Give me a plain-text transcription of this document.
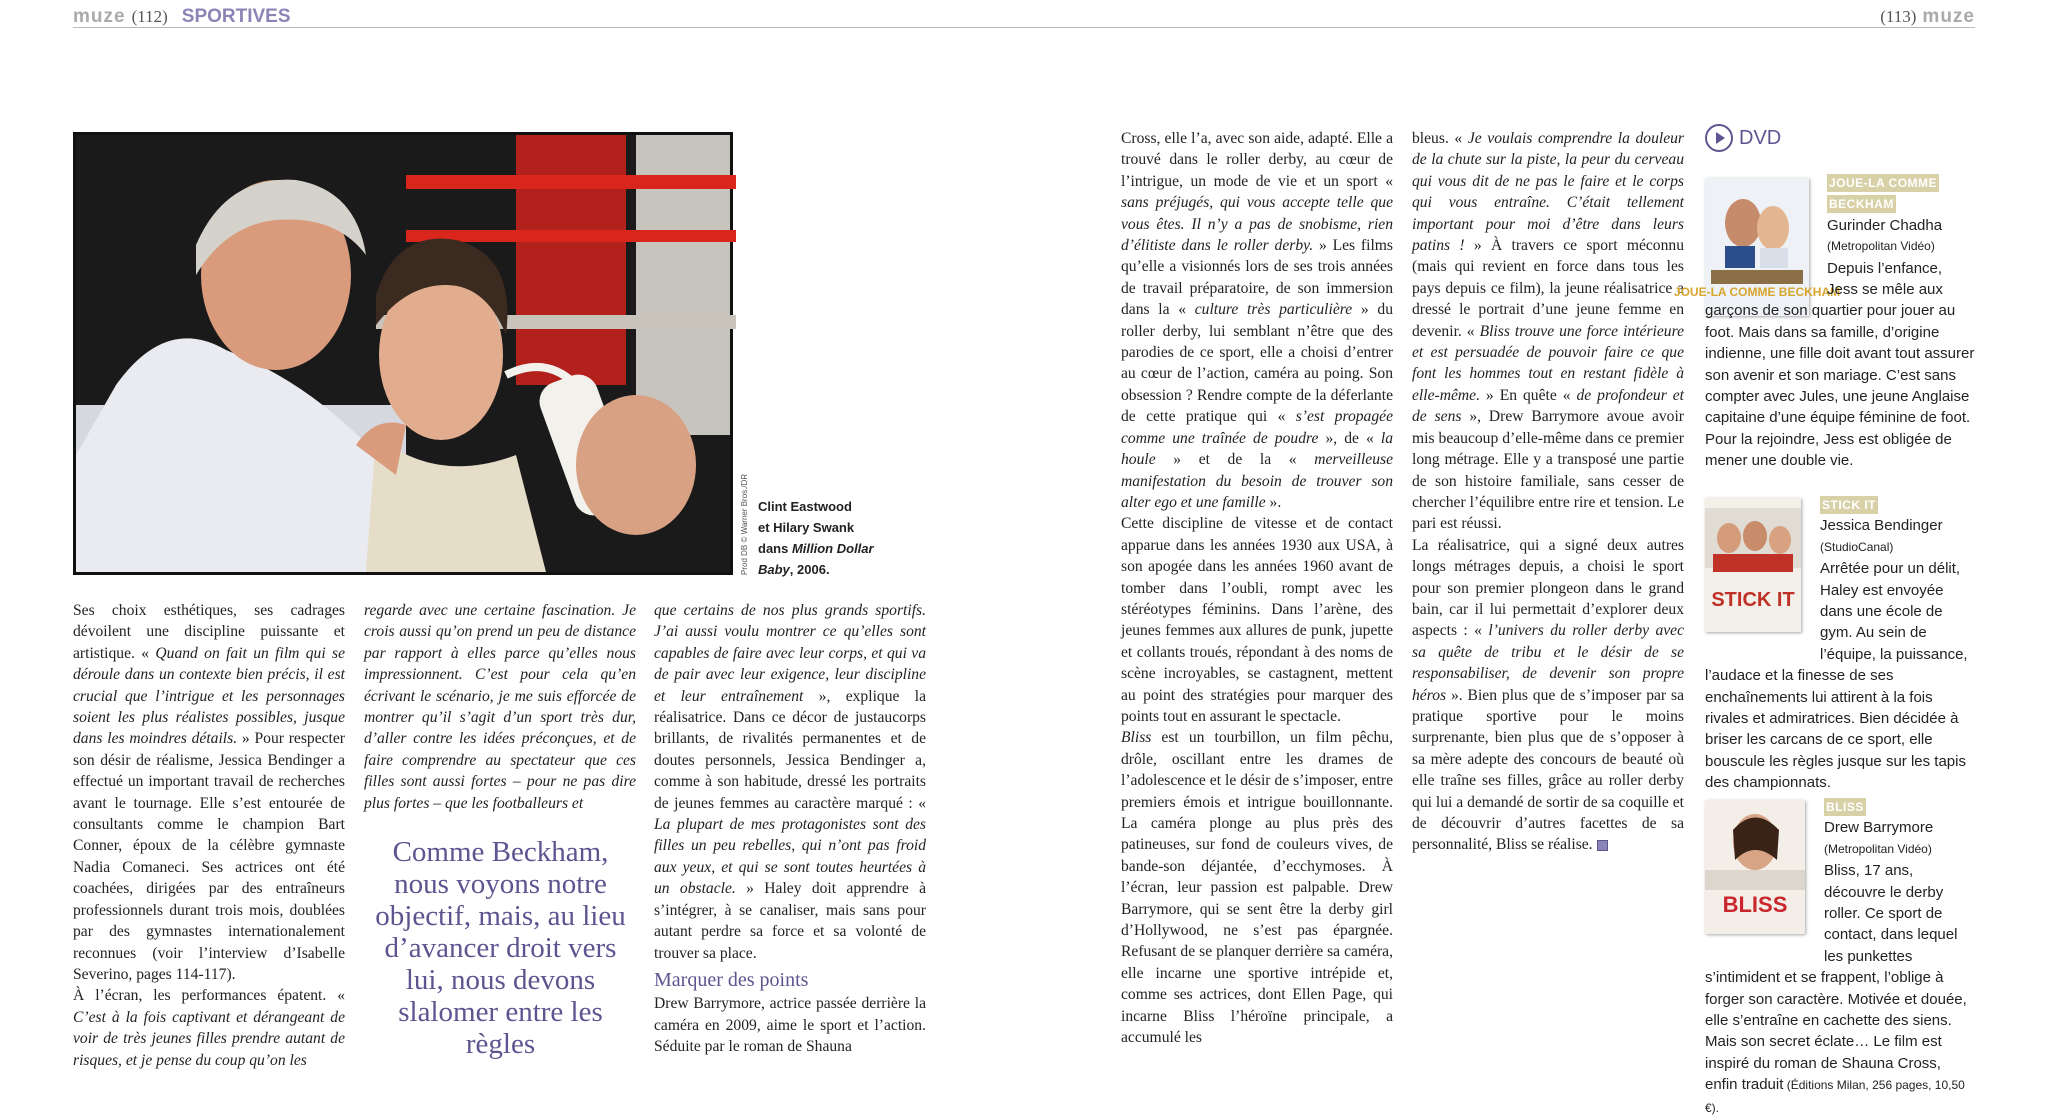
muze (112) SPORTIVES	(113) muze
Prod DB © Warner Bros./DR Clint Eastwood
et Hilary Swank
dans Million Dollar
Baby, 2006.

Ses choix esthétiques, ses cadrages dévoilent une discipline puissante et artistique. « Quand on fait un film qui se déroule dans un contexte bien précis, il est crucial que l’intrigue et les personnages soient les plus réalistes possibles, jusque dans les moindres détails. » Pour respecter son désir de réalisme, Jessica Bendinger a effectué un important travail de recherches avant le tournage. Elle s’est entourée de consultants comme le champion Bart Conner, époux de la célèbre gymnaste Nadia Comaneci. Ses actrices ont été coachées, dirigées par des entraîneurs professionnels durant trois mois, doublées par des gymnastes internationalement reconnues (voir l’interview d’Isabelle Severino, pages 114-117).

À l’écran, les performances épatent. « C’est à la fois captivant et dérangeant de voir de très jeunes filles prendre autant de risques, et je pense du coup qu’on les

regarde avec une certaine fascination. Je crois aussi qu’on prend un peu de distance par rapport à elles parce qu’elles nous impressionnent. C’est pour cela qu’en écrivant le scénario, je me suis efforcée de montrer qu’il s’agit d’un sport très dur, d’aller contre les idées préconçues, et de faire comprendre au spectateur que ces filles sont aussi fortes – pour ne pas dire plus fortes – que les footballeurs et

Comme Beckham, nous voyons notre objectif, mais, au lieu d’avancer droit vers lui, nous devons slalomer entre les règles

que certains de nos plus grands sportifs. J’ai aussi voulu montrer ce qu’elles sont capables de faire avec leur corps, et qui va de pair avec leur exigence, leur discipline et leur entraînement », explique la réalisatrice. Dans ce décor de justaucorps brillants, de rivalités permanentes et de doutes personnels, Jessica Bendinger a, comme à son habitude, dressé les portraits de jeunes femmes au caractère marqué : « La plupart de mes protagonistes sont des filles un peu rebelles, qui n’ont pas froid aux yeux, et qui se sont toutes heurtées à un obstacle. » Haley doit apprendre à s’intégrer, à se canaliser, mais sans pour autant perdre sa force et sa volonté de trouver sa place.

Marquer des points

Drew Barrymore, actrice passée derrière la caméra en 2009, aime le sport et l’action. Séduite par le roman de Shauna

Cross, elle l’a, avec son aide, adapté. Elle a trouvé dans le roller derby, au cœur de l’intrigue, un mode de vie et un sport « sans préjugés, qui vous accepte telle que vous êtes. Il n’y a pas de snobisme, rien d’élitiste dans le roller derby. » Les films qu’elle a visionnés lors de ses trois années de travail préparatoire, de son immersion dans la « culture très particulière » du roller derby, lui semblant n’être que des parodies de ce sport, elle a choisi d’entrer au cœur de l’action, caméra au poing. Son obsession ? Rendre compte de la déferlante de cette pratique qui « s’est propagée comme une traînée de poudre », de « la houle » et de la « merveilleuse manifestation du besoin de trouver son alter ego et une famille ».

Cette discipline de vitesse et de contact apparue dans les années 1930 aux USA, à son apogée dans les années 1960 avant de tomber dans l’oubli, rompt avec les stéréotypes féminins. Dans l’arène, des jeunes femmes aux allures de punk, jupette et collants troués, répondant à des noms de scène incroyables, se castagnent, mettent au point des stratégies pour marquer des points tout en assurant le spectacle.

Bliss est un tourbillon, un film pêchu, drôle, oscillant entre les drames de l’adolescence et le désir de s’imposer, entre premiers émois et intrigue bouillonnante. La caméra plonge au plus près des patineuses, sur fond de couleurs vives, de bande-son déjantée, d’ecchymoses. À l’écran, leur passion est palpable. Drew Barrymore, qui se sent être la derby girl d’Hollywood, ne s’est pas épargnée. Refusant de se planquer derrière sa caméra, elle incarne une sportive intrépide et, comme ses actrices, dont Ellen Page, qui incarne Bliss l’héroïne principale, a accumulé les

bleus. « Je voulais comprendre la douleur de la chute sur la piste, la peur du cerveau qui vous dit de ne pas le faire et le corps qui vous entraîne. C’était tellement important pour moi d’être dans leurs patins ! » À travers ce sport méconnu (mais qui revient en force dans tous les pays depuis ce film), la jeune réalisatrice a dressé le portrait d’une jeune femme en devenir. « Bliss trouve une force intérieure et est persuadée de pouvoir faire ce que font les hommes tout en restant fidèle à elle-même. » En quête « de profondeur et de sens », Drew Barrymore avoue avoir mis beaucoup d’elle-même dans ce premier long métrage. Elle y a transposé une partie de son histoire familiale, sans cesser de chercher l’équilibre entre rire et tension. Le pari est réussi.

La réalisatrice, qui a signé deux autres longs métrages depuis, a choisi le sport pour son premier plongeon dans le grand bain, car il lui permettait d’explorer deux aspects : « l’univers du roller derby avec sa quête de tribu et le désir de se responsabiliser, de devenir son propre héros ». Bien plus que de s’imposer par sa pratique sportive pour le moins surprenante, bien plus que de s’opposer à sa mère adepte des concours de beauté où elle traîne ses filles, grâce au roller derby qui lui a demandé de sortir de sa coquille et de découvrir d’autres facettes de sa personnalité, Bliss se réalise.

DVD
JOUE-LA COMME BECKHAM
JOUE-LA COMME
BECKHAM
Gurinder Chadha
(Metropolitan Vidéo)
Depuis l’enfance, Jess se mêle aux garçons de son quartier pour jouer au foot. Mais dans sa famille, d’origine indienne, une fille doit avant tout assurer son avenir et son mariage. C’est sans compter avec Jules, une jeune Anglaise capitaine d’une équipe féminine de foot. Pour la rejoindre, Jess est obligée de mener une double vie.
STICK IT
STICK IT
Jessica Bendinger
(StudioCanal)
Arrêtée pour un délit, Haley est envoyée dans une école de gym. Au sein de l’équipe, la puissance, l’audace et la finesse de ses enchaînements lui attirent à la fois rivales et admiratrices. Bien décidée à briser les carcans de ce sport, elle bouscule les règles jusque sur les tapis des championnats.
BLISS
BLISS
Drew Barrymore
(Metropolitan Vidéo)
Bliss, 17 ans, découvre le derby roller. Ce sport de contact, dans lequel les punkettes s’intimident et se frappent, l’oblige à forger son caractère. Motivée et douée, elle s’entraîne en cachette des siens. Mais son secret éclate… Le film est inspiré du roman de Shauna Cross, enfin traduit (Éditions Milan, 256 pages, 10,50 €).
